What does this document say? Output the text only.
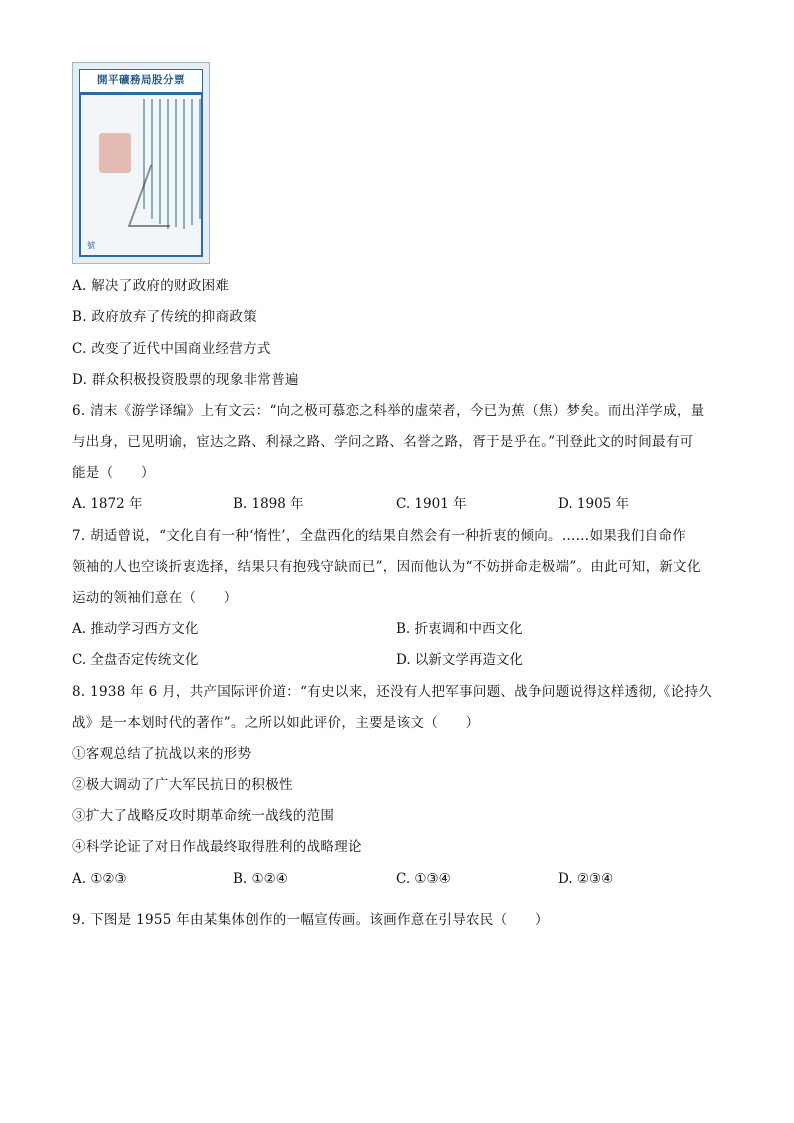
開平礦務局股分票
號
A. 解决了政府的财政困难
B. 政府放弃了传统的抑商政策
C. 改变了近代中国商业经营方式
D. 群众积极投资股票的现象非常普遍
6. 清末《游学译编》上有文云：“向之极可慕恋之科举的虚荣者，今已为蕉（焦）梦矣。而出洋学成，量
与出身，已见明谕，宦达之路、利禄之路、学问之路、名誉之路，胥于是乎在。”刊登此文的时间最有可
能是（　　）
A. 1872 年	B. 1898 年	C. 1901 年	D. 1905 年
7. 胡适曾说，“文化自有一种‘惰性’，全盘西化的结果自然会有一种折衷的倾向。……如果我们自命作
领袖的人也空谈折衷选择，结果只有抱残守缺而已”，因而他认为“不妨拼命走极端”。由此可知，新文化
运动的领袖们意在（　　）
A. 推动学习西方文化	B. 折衷调和中西文化
C. 全盘否定传统文化	D. 以新文学再造文化
8. 1938 年 6 月，共产国际评价道：“有史以来，还没有人把军事问题、战争问题说得这样透彻,《论持久
战》是一本划时代的著作”。之所以如此评价，主要是该文（　　）
①客观总结了抗战以来的形势
②极大调动了广大军民抗日的积极性
③扩大了战略反攻时期革命统一战线的范围
④科学论证了对日作战最终取得胜利的战略理论
A. ①②③	B. ①②④	C. ①③④	D. ②③④
9. 下图是 1955 年由某集体创作的一幅宣传画。该画作意在引导农民（　　）
